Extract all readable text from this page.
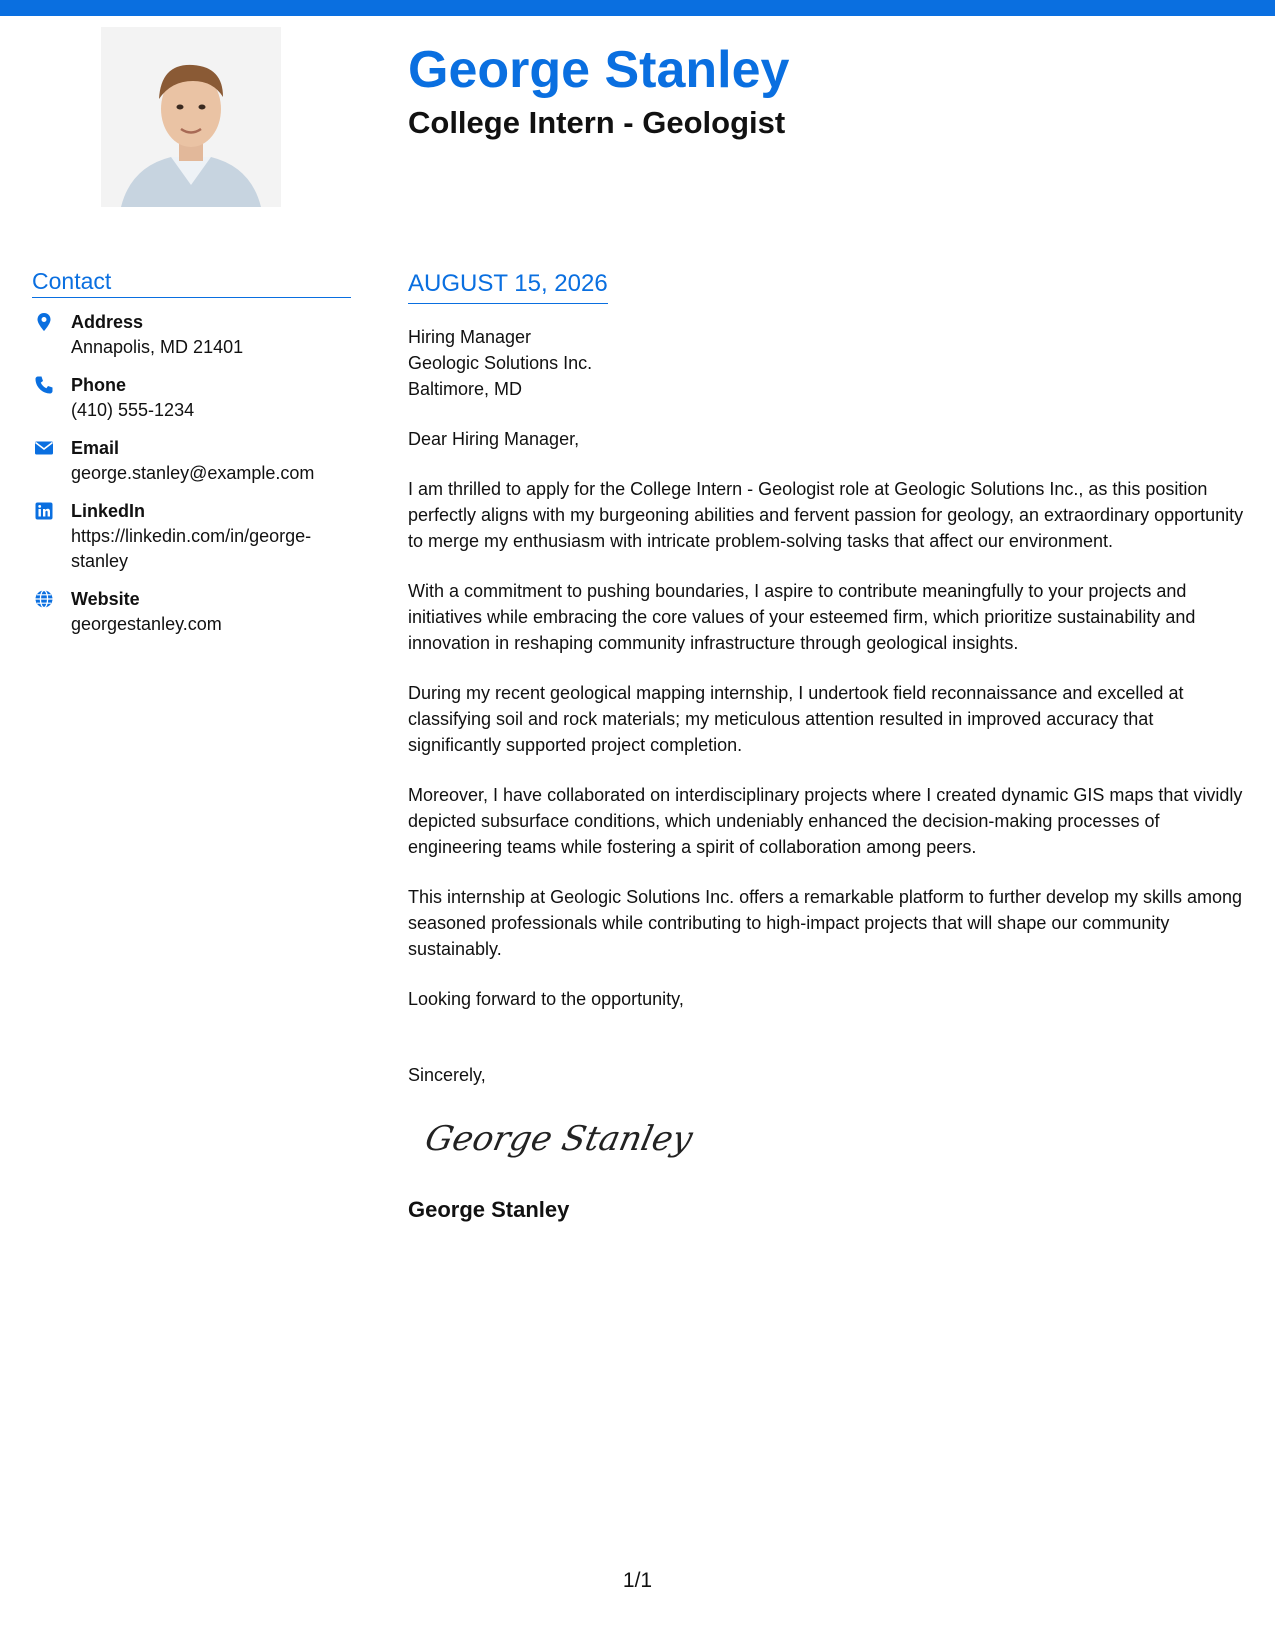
George Stanley
College Intern - Geologist
Contact
Address
Annapolis, MD 21401
Phone
(410) 555-1234
Email
george.stanley@example.com
LinkedIn
https://linkedin.com/in/george-stanley
Website
georgestanley.com
AUGUST 15, 2026
Hiring Manager
Geologic Solutions Inc.
Baltimore, MD
Dear Hiring Manager,

I am thrilled to apply for the College Intern - Geologist role at Geologic Solutions Inc., as this position perfectly aligns with my burgeoning abilities and fervent passion for geology, an extraordinary opportunity to merge my enthusiasm with intricate problem-solving tasks that affect our environment.

With a commitment to pushing boundaries, I aspire to contribute meaningfully to your projects and initiatives while embracing the core values of your esteemed firm, which prioritize sustainability and innovation in reshaping community infrastructure through geological insights.

During my recent geological mapping internship, I undertook field reconnaissance and excelled at classifying soil and rock materials; my meticulous attention resulted in improved accuracy that significantly supported project completion.

Moreover, I have collaborated on interdisciplinary projects where I created dynamic GIS maps that vividly depicted subsurface conditions, which undeniably enhanced the decision-making processes of engineering teams while fostering a spirit of collaboration among peers.

This internship at Geologic Solutions Inc. offers a remarkable platform to further develop my skills among seasoned professionals while contributing to high-impact projects that will shape our community sustainably.

Looking forward to the opportunity,
Sincerely,
George Stanley
George Stanley
1/1
